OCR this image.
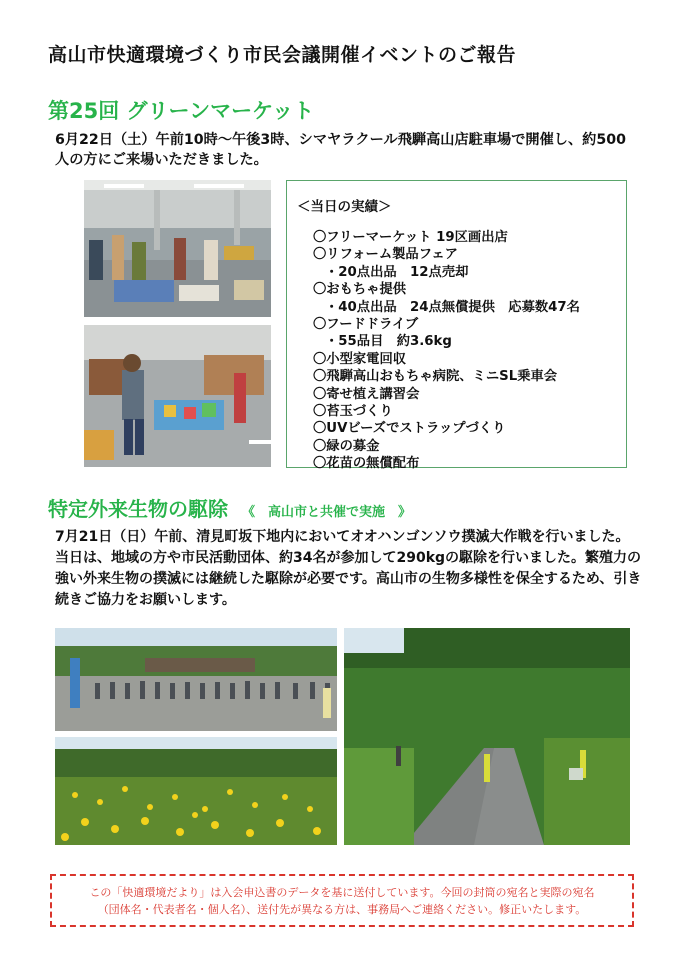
高山市快適環境づくり市民会議開催イベントのご報告
第25回 グリーンマーケット
6月22日（土）午前10時～午後3時、シマヤラクール飛騨高山店駐車場で開催し、約500人の方にご来場いただきました。
＜当日の実績＞
〇フリーマーケット 19区画出店
〇リフォーム製品フェア
・20点出品　12点売却
〇おもちゃ提供
・40点出品　24点無償提供　応募数47名
〇フードドライブ
・55品目　約3.6kg
〇小型家電回収
〇飛騨高山おもちゃ病院、ミニSL乗車会
〇寄せ植え講習会
〇苔玉づくり
〇UVビーズでストラップづくり
〇緑の募金
〇花苗の無償配布
特定外来生物の駆除 《　高山市と共催で実施　》
7月21日（日）午前、清見町坂下地内においてオオハンゴンソウ撲滅大作戦を行いました。 当日は、地域の方や市民活動団体、約34名が参加して290kgの駆除を行いました。繁殖力の強い外来生物の撲滅には継続した駆除が必要です。高山市の生物多様性を保全するため、引き続きご協力をお願いします。
この「快適環境だより」は入会申込書のデータを基に送付しています。今回の封筒の宛名と実際の宛名
（団体名・代表者名・個人名）、送付先が異なる方は、事務局へご連絡ください。修正いたします。
